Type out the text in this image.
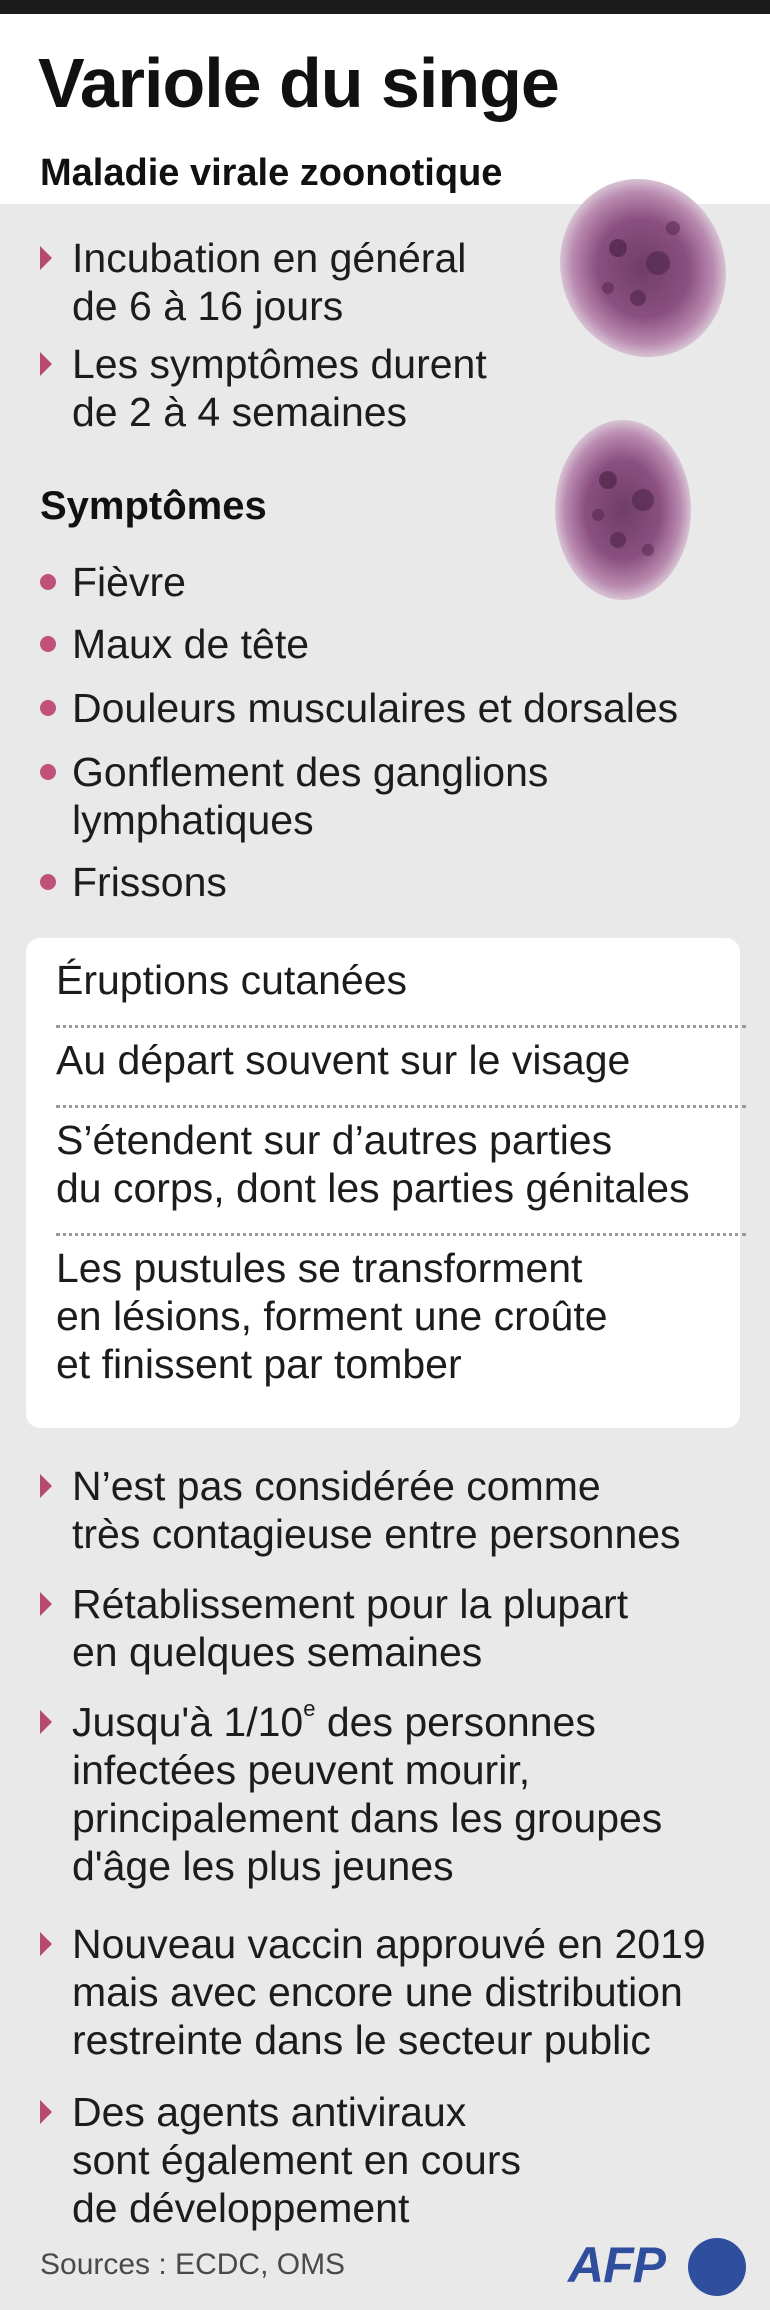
Variole du singe
Maladie virale zoonotique
Incubation en général
de 6 à 16 jours
Les symptômes durent
de 2 à 4 semaines
Symptômes
Fièvre
Maux de tête
Douleurs musculaires et dorsales
Gonflement des ganglions
lymphatiques
Frissons
Éruptions cutanées
Au départ souvent sur le visage
S’étendent sur d’autres parties
du corps, dont les parties génitales
Les pustules se transforment
en lésions, forment une croûte
et finissent par tomber
N’est pas considérée comme
très contagieuse entre personnes
Rétablissement pour la plupart
en quelques semaines
Jusqu'à 1/10e des personnes
infectées peuvent mourir,
principalement dans les groupes
d'âge les plus jeunes
Nouveau vaccin approuvé en 2019
mais avec encore une distribution
restreinte dans le secteur public
Des agents antiviraux
sont également en cours
de développement
Sources : ECDC, OMS	AFP
